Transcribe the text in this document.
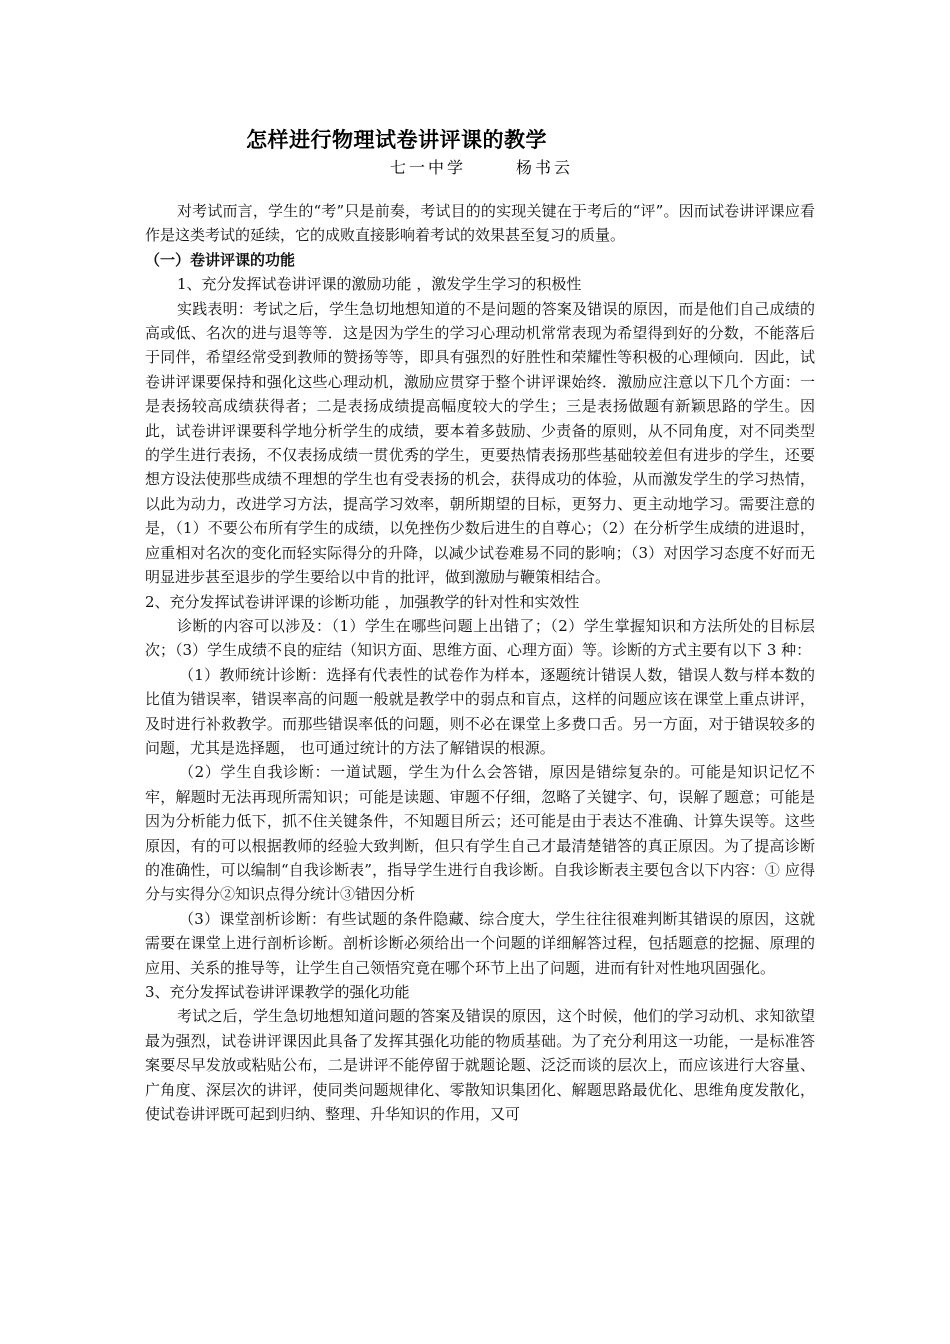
怎样进行物理试卷讲评课的教学
七一中学	杨书云

对考试而言，学生的“考”只是前奏，考试目的的实现关键在于考后的“评”。因而试卷讲评课应看作是这类考试的延续，它的成败直接影响着考试的效果甚至复习的质量。

（一）卷讲评课的功能

1、充分发挥试卷讲评课的激励功能 ，激发学生学习的积极性

实践表明：考试之后，学生急切地想知道的不是问题的答案及错误的原因，而是他们自己成绩的高或低、名次的进与退等等．这是因为学生的学习心理动机常常表现为希望得到好的分数，不能落后于同伴，希望经常受到教师的赞扬等等，即具有强烈的好胜性和荣耀性等积极的心理倾向．因此，试卷讲评课要保持和强化这些心理动机，激励应贯穿于整个讲评课始终．激励应注意以下几个方面：一是表扬较高成绩获得者；二是表扬成绩提高幅度较大的学生；三是表扬做题有新颖思路的学生。因此，试卷讲评课要科学地分析学生的成绩，要本着多鼓励、少责备的原则，从不同角度，对不同类型的学生进行表扬，不仅表扬成绩一贯优秀的学生，更要热情表扬那些基础较差但有进步的学生，还要想方设法使那些成绩不理想的学生也有受表扬的机会，获得成功的体验，从而激发学生的学习热情，以此为动力，改进学习方法，提高学习效率，朝所期望的目标，更努力、更主动地学习。需要注意的是，（1）不要公布所有学生的成绩，以免挫伤少数后进生的自尊心；（2）在分析学生成绩的进退时，应重相对名次的变化而轻实际得分的升降，以减少试卷难易不同的影响；（3）对因学习态度不好而无明显进步甚至退步的学生要给以中肯的批评，做到激励与鞭策相结合。

2、充分发挥试卷讲评课的诊断功能 ，加强教学的针对性和实效性

诊断的内容可以涉及：（1）学生在哪些问题上出错了；（2）学生掌握知识和方法所处的目标层次；（3）学生成绩不良的症结（知识方面、思维方面、心理方面）等。诊断的方式主要有以下 3 种：

（1）教师统计诊断：选择有代表性的试卷作为样本，逐题统计错误人数，错误人数与样本数的比值为错误率，错误率高的问题一般就是教学中的弱点和盲点，这样的问题应该在课堂上重点讲评，及时进行补救教学。而那些错误率低的问题，则不必在课堂上多费口舌。另一方面，对于错误较多的问题，尤其是选择题， 也可通过统计的方法了解错误的根源。

（2）学生自我诊断：一道试题，学生为什么会答错，原因是错综复杂的。可能是知识记忆不牢，解题时无法再现所需知识；可能是读题、审题不仔细，忽略了关键字、句，误解了题意；可能是因为分析能力低下，抓不住关键条件，不知题目所云；还可能是由于表达不准确、计算失误等。这些原因，有的可以根据教师的经验大致判断，但只有学生自己才最清楚错答的真正原因。为了提高诊断的准确性，可以编制“自我诊断表”，指导学生进行自我诊断。自我诊断表主要包含以下内容：① 应得分与实得分②知识点得分统计③错因分析

（3）课堂剖析诊断：有些试题的条件隐藏、综合度大，学生往往很难判断其错误的原因，这就需要在课堂上进行剖析诊断。剖析诊断必须给出一个问题的详细解答过程，包括题意的挖掘、原理的应用、关系的推导等，让学生自己领悟究竟在哪个环节上出了问题，进而有针对性地巩固强化。

3、充分发挥试卷讲评课教学的强化功能

考试之后，学生急切地想知道问题的答案及错误的原因，这个时候，他们的学习动机、求知欲望最为强烈，试卷讲评课因此具备了发挥其强化功能的物质基础。为了充分利用这一功能，一是标准答案要尽早发放或粘贴公布，二是讲评不能停留于就题论题、泛泛而谈的层次上，而应该进行大容量、广角度、深层次的讲评，使同类问题规律化、零散知识集团化、解题思路最优化、思维角度发散化，使试卷讲评既可起到归纳、整理、升华知识的作用，又可
